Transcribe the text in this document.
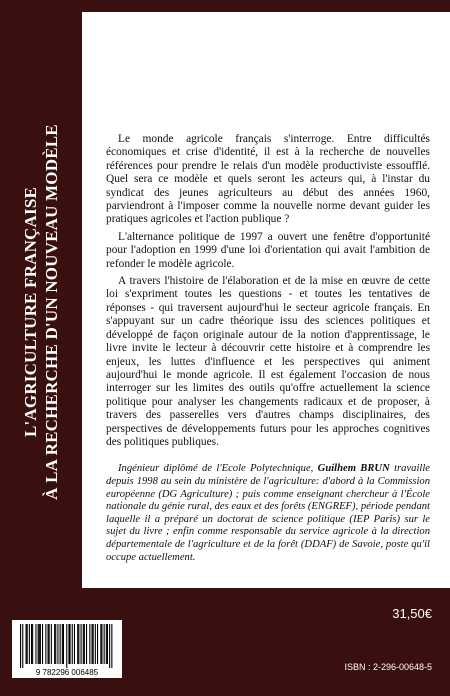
L'AGRICULTURE FRANÇAISE À LA RECHERCHE D'UN NOUVEAU MODÈLE	Le monde agricole français s'interroge. Entre difficultés économiques et crise d'identité, il est à la recherche de nouvelles références pour prendre le relais d'un modèle productiviste essoufflé. Quel sera ce modèle et quels seront les acteurs qui, à l'instar du syndicat des jeunes agriculteurs au début des années 1960, parviendront à l'imposer comme la nouvelle norme devant guider les pratiques agricoles et l'action publique ?

L'alternance politique de 1997 a ouvert une fenêtre d'opportunité pour l'adoption en 1999 d'une loi d'orientation qui avait l'ambition de refonder le modèle agricole.

A travers l'histoire de l'élaboration et de la mise en œuvre de cette loi s'expriment toutes les questions - et toutes les tentatives de réponses - qui traversent aujourd'hui le secteur agricole français. En s'appuyant sur un cadre théorique issu des sciences politiques et développé de façon originale autour de la notion d'apprentissage, le livre invite le lecteur à découvrir cette histoire et à comprendre les enjeux, les luttes d'influence et les perspectives qui animent aujourd'hui le monde agricole. Il est également l'occasion de nous interroger sur les limites des outils qu'offre actuellement la science politique pour analyser les changements radicaux et de proposer, à travers des passerelles vers d'autres champs disciplinaires, des perspectives de développements futurs pour les approches cognitives des politiques publiques.

Ingénieur diplômé de l'Ecole Polytechnique, Guilhem BRUN travaille depuis 1998 au sein du ministère de l'agriculture: d'abord à la Commission européenne (DG Agriculture) ; puis comme enseignant chercheur à l'École nationale du génie rural, des eaux et des forêts (ENGREF), période pendant laquelle il a préparé un doctorat de science politique (IEP Paris) sur le sujet du livre ; enfin comme responsable du service agricole à la direction départementale de l'agriculture et de la forêt (DDAF) de Savoie, poste qu'il occupe actuellement.
31,50€
9 782296 006485
ISBN : 2-296-00648-5
